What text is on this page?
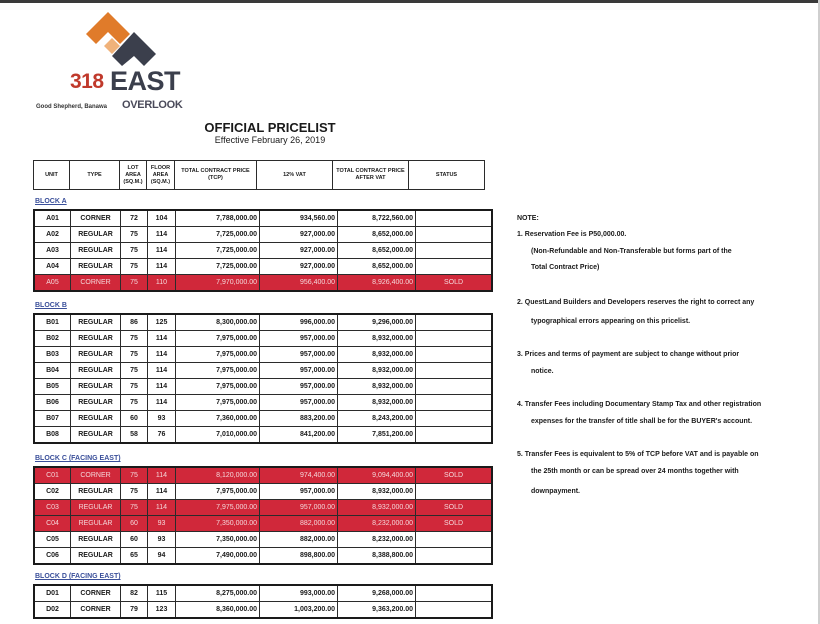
318 EAST
Good Shepherd, Banawa OVERLOOK
OFFICIAL PRICELIST
Effective February 26, 2019
UNIT	TYPE	LOT AREA (SQ.M.)	FLOOR AREA (SQ.M.)	TOTAL CONTRACT PRICE (TCP)	12% VAT	TOTAL CONTRACT PRICE AFTER VAT	STATUS
BLOCK A
A01	CORNER	72	104	7,788,000.00	934,560.00	8,722,560.00	
A02	REGULAR	75	114	7,725,000.00	927,000.00	8,652,000.00	
A03	REGULAR	75	114	7,725,000.00	927,000.00	8,652,000.00	
A04	REGULAR	75	114	7,725,000.00	927,000.00	8,652,000.00	
A05	CORNER	75	110	7,970,000.00	956,400.00	8,926,400.00	SOLD
BLOCK B
B01	REGULAR	86	125	8,300,000.00	996,000.00	9,296,000.00	
B02	REGULAR	75	114	7,975,000.00	957,000.00	8,932,000.00	
B03	REGULAR	75	114	7,975,000.00	957,000.00	8,932,000.00	
B04	REGULAR	75	114	7,975,000.00	957,000.00	8,932,000.00	
B05	REGULAR	75	114	7,975,000.00	957,000.00	8,932,000.00	
B06	REGULAR	75	114	7,975,000.00	957,000.00	8,932,000.00	
B07	REGULAR	60	93	7,360,000.00	883,200.00	8,243,200.00	
B08	REGULAR	58	76	7,010,000.00	841,200.00	7,851,200.00	
BLOCK C (FACING EAST)
C01	CORNER	75	114	8,120,000.00	974,400.00	9,094,400.00	SOLD
C02	REGULAR	75	114	7,975,000.00	957,000.00	8,932,000.00	
C03	REGULAR	75	114	7,975,000.00	957,000.00	8,932,000.00	SOLD
C04	REGULAR	60	93	7,350,000.00	882,000.00	8,232,000.00	SOLD
C05	REGULAR	60	93	7,350,000.00	882,000.00	8,232,000.00	
C06	REGULAR	65	94	7,490,000.00	898,800.00	8,388,800.00	
BLOCK D (FACING EAST)
D01	CORNER	82	115	8,275,000.00	993,000.00	9,268,000.00	
D02	CORNER	79	123	8,360,000.00	1,003,200.00	9,363,200.00	

NOTE:

1. Reservation Fee is P50,000.00.

(Non-Refundable and Non-Transferable but forms part of the

Total Contract Price)

2. QuestLand Builders and Developers reserves the right to correct any

typographical errors appearing on this pricelist.

3. Prices and terms of payment are subject to change without prior

notice.

4. Transfer Fees including Documentary Stamp Tax and other registration

expenses for the transfer of title shall be for the BUYER's account.

5. Transfer Fees is equivalent to 5% of TCP before VAT and is payable on

the 25th month or can be spread over 24 months together with

downpayment.
